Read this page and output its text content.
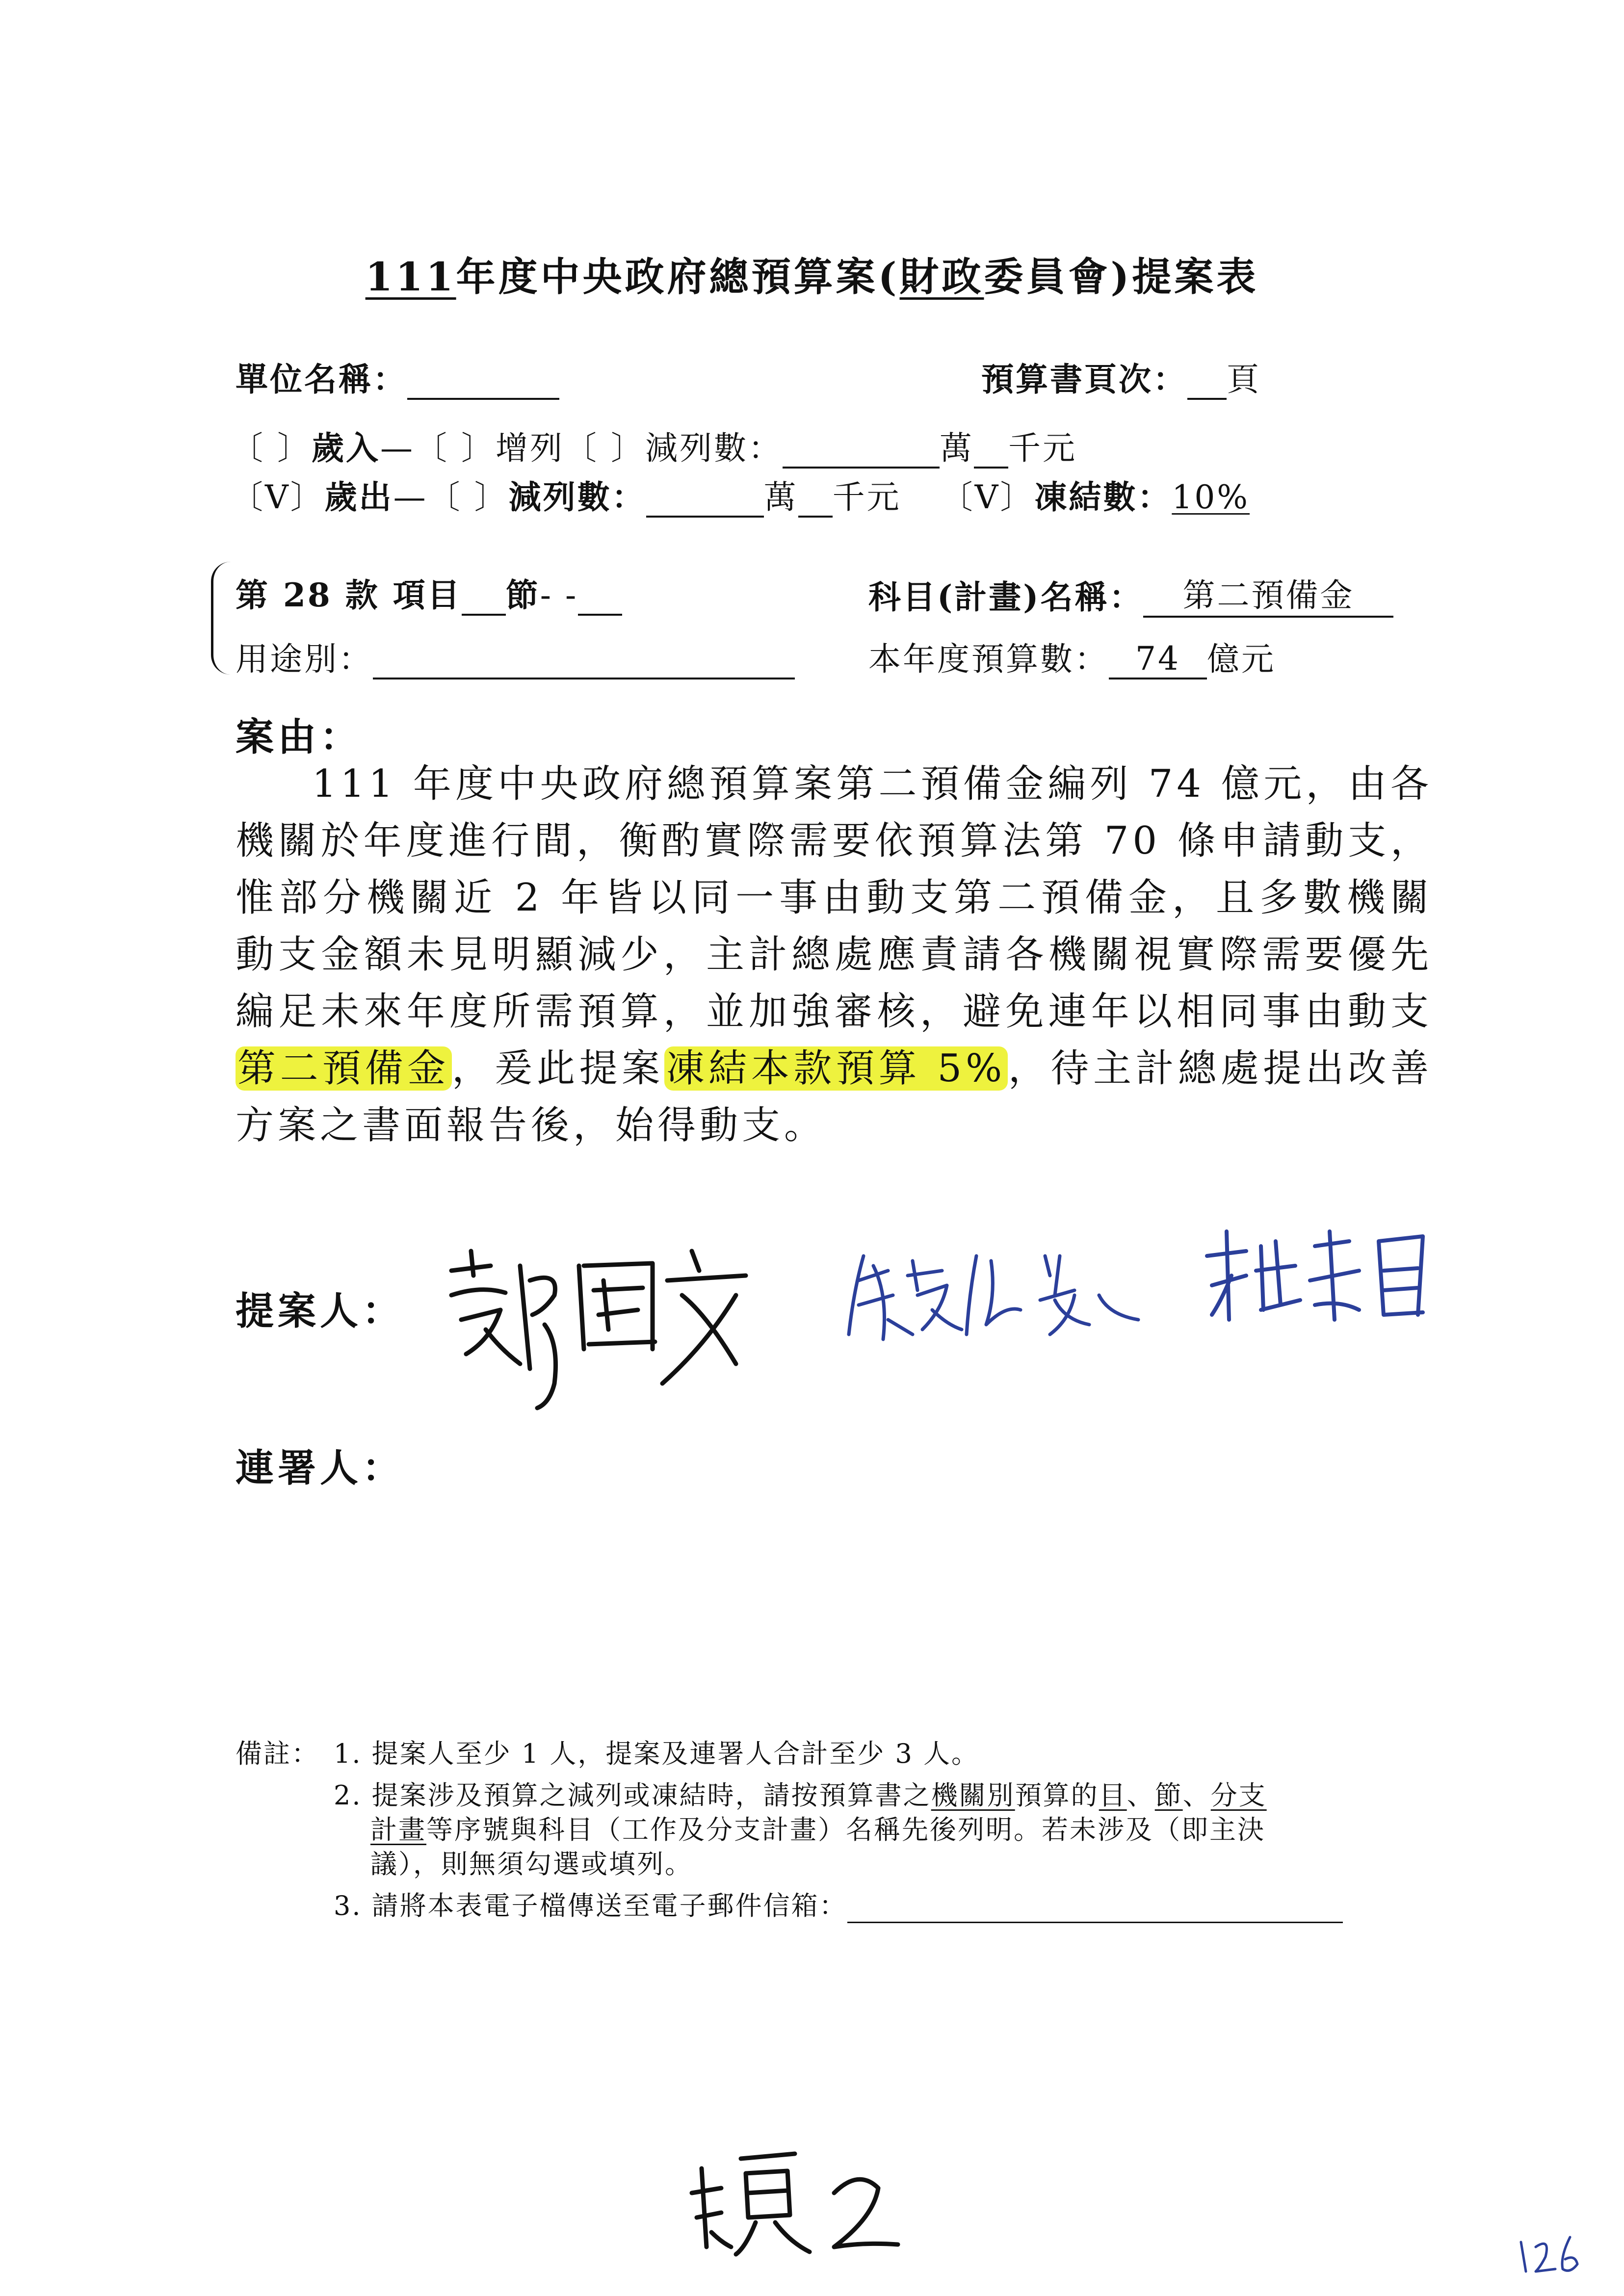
111年度中央政府總預算案(財政委員會)提案表
單位名稱：	預算書頁次： 頁
〔 〕歲入—〔 〕增列〔 〕減列數：	萬 千元
〔V〕歲出—〔 〕減列數：	萬 千元 〔V〕凍結數：10%
第 28 款 項目 節- -	科目(計畫)名稱： 第二預備金
用途別：	本年度預算數： 74 億元
案由：

111 年度中央政府總預算案第二預備金編列 74 億元，由各機關於年度進行間，衡酌實際需要依預算法第 70 條申請動支，惟部分機關近 2 年皆以同一事由動支第二預備金，且多數機關動支金額未見明顯減少，主計總處應責請各機關視實際需要優先編足未來年度所需預算，並加強審核，避免連年以相同事由動支第二預備金，爰此提案凍結本款預算 5%，待主計總處提出改善方案之書面報告後，始得動支。

提案人：
連署人：
備註： 1. 提案人至少 1 人，提案及連署人合計至少 3 人。
2. 提案涉及預算之減列或凍結時，請按預算書之機關別預算的目、節、分支
計畫等序號與科目（工作及分支計畫）名稱先後列明。若未涉及（即主決
議），則無須勾選或填列。
3. 請將本表電子檔傳送至電子郵件信箱：
